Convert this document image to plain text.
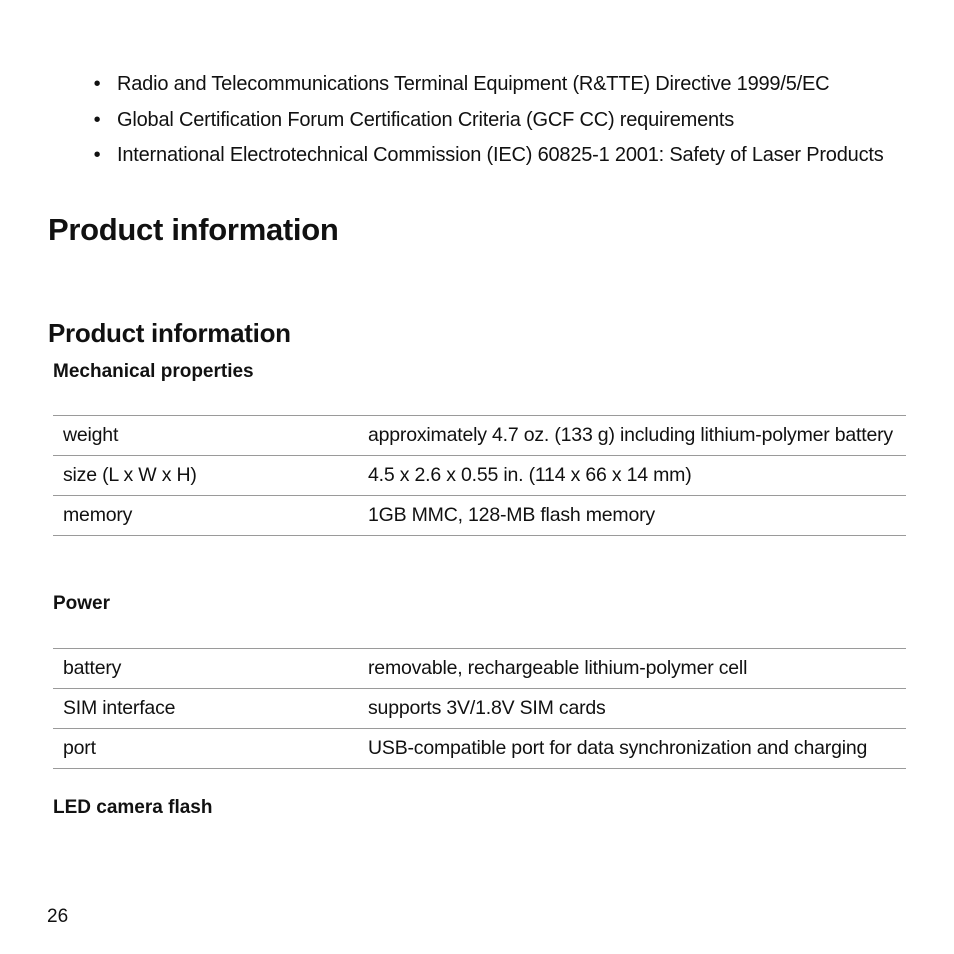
• Radio and Telecommunications Terminal Equipment (R&TTE) Directive 1999/5/EC
• Global Certification Forum Certification Criteria (GCF CC) requirements
• International Electrotechnical Commission (IEC) 60825-1 2001: Safety of Laser Products
Product information
Product information
Mechanical properties
weight	approximately 4.7 oz. (133 g) including lithium-polymer battery
size (L x W x H)	4.5 x 2.6 x 0.55 in. (114 x 66 x 14 mm)
memory	1GB MMC, 128-MB flash memory
Power
battery	removable, rechargeable lithium-polymer cell
SIM interface	supports 3V/1.8V SIM cards
port	USB-compatible port for data synchronization and charging
LED camera flash
26
